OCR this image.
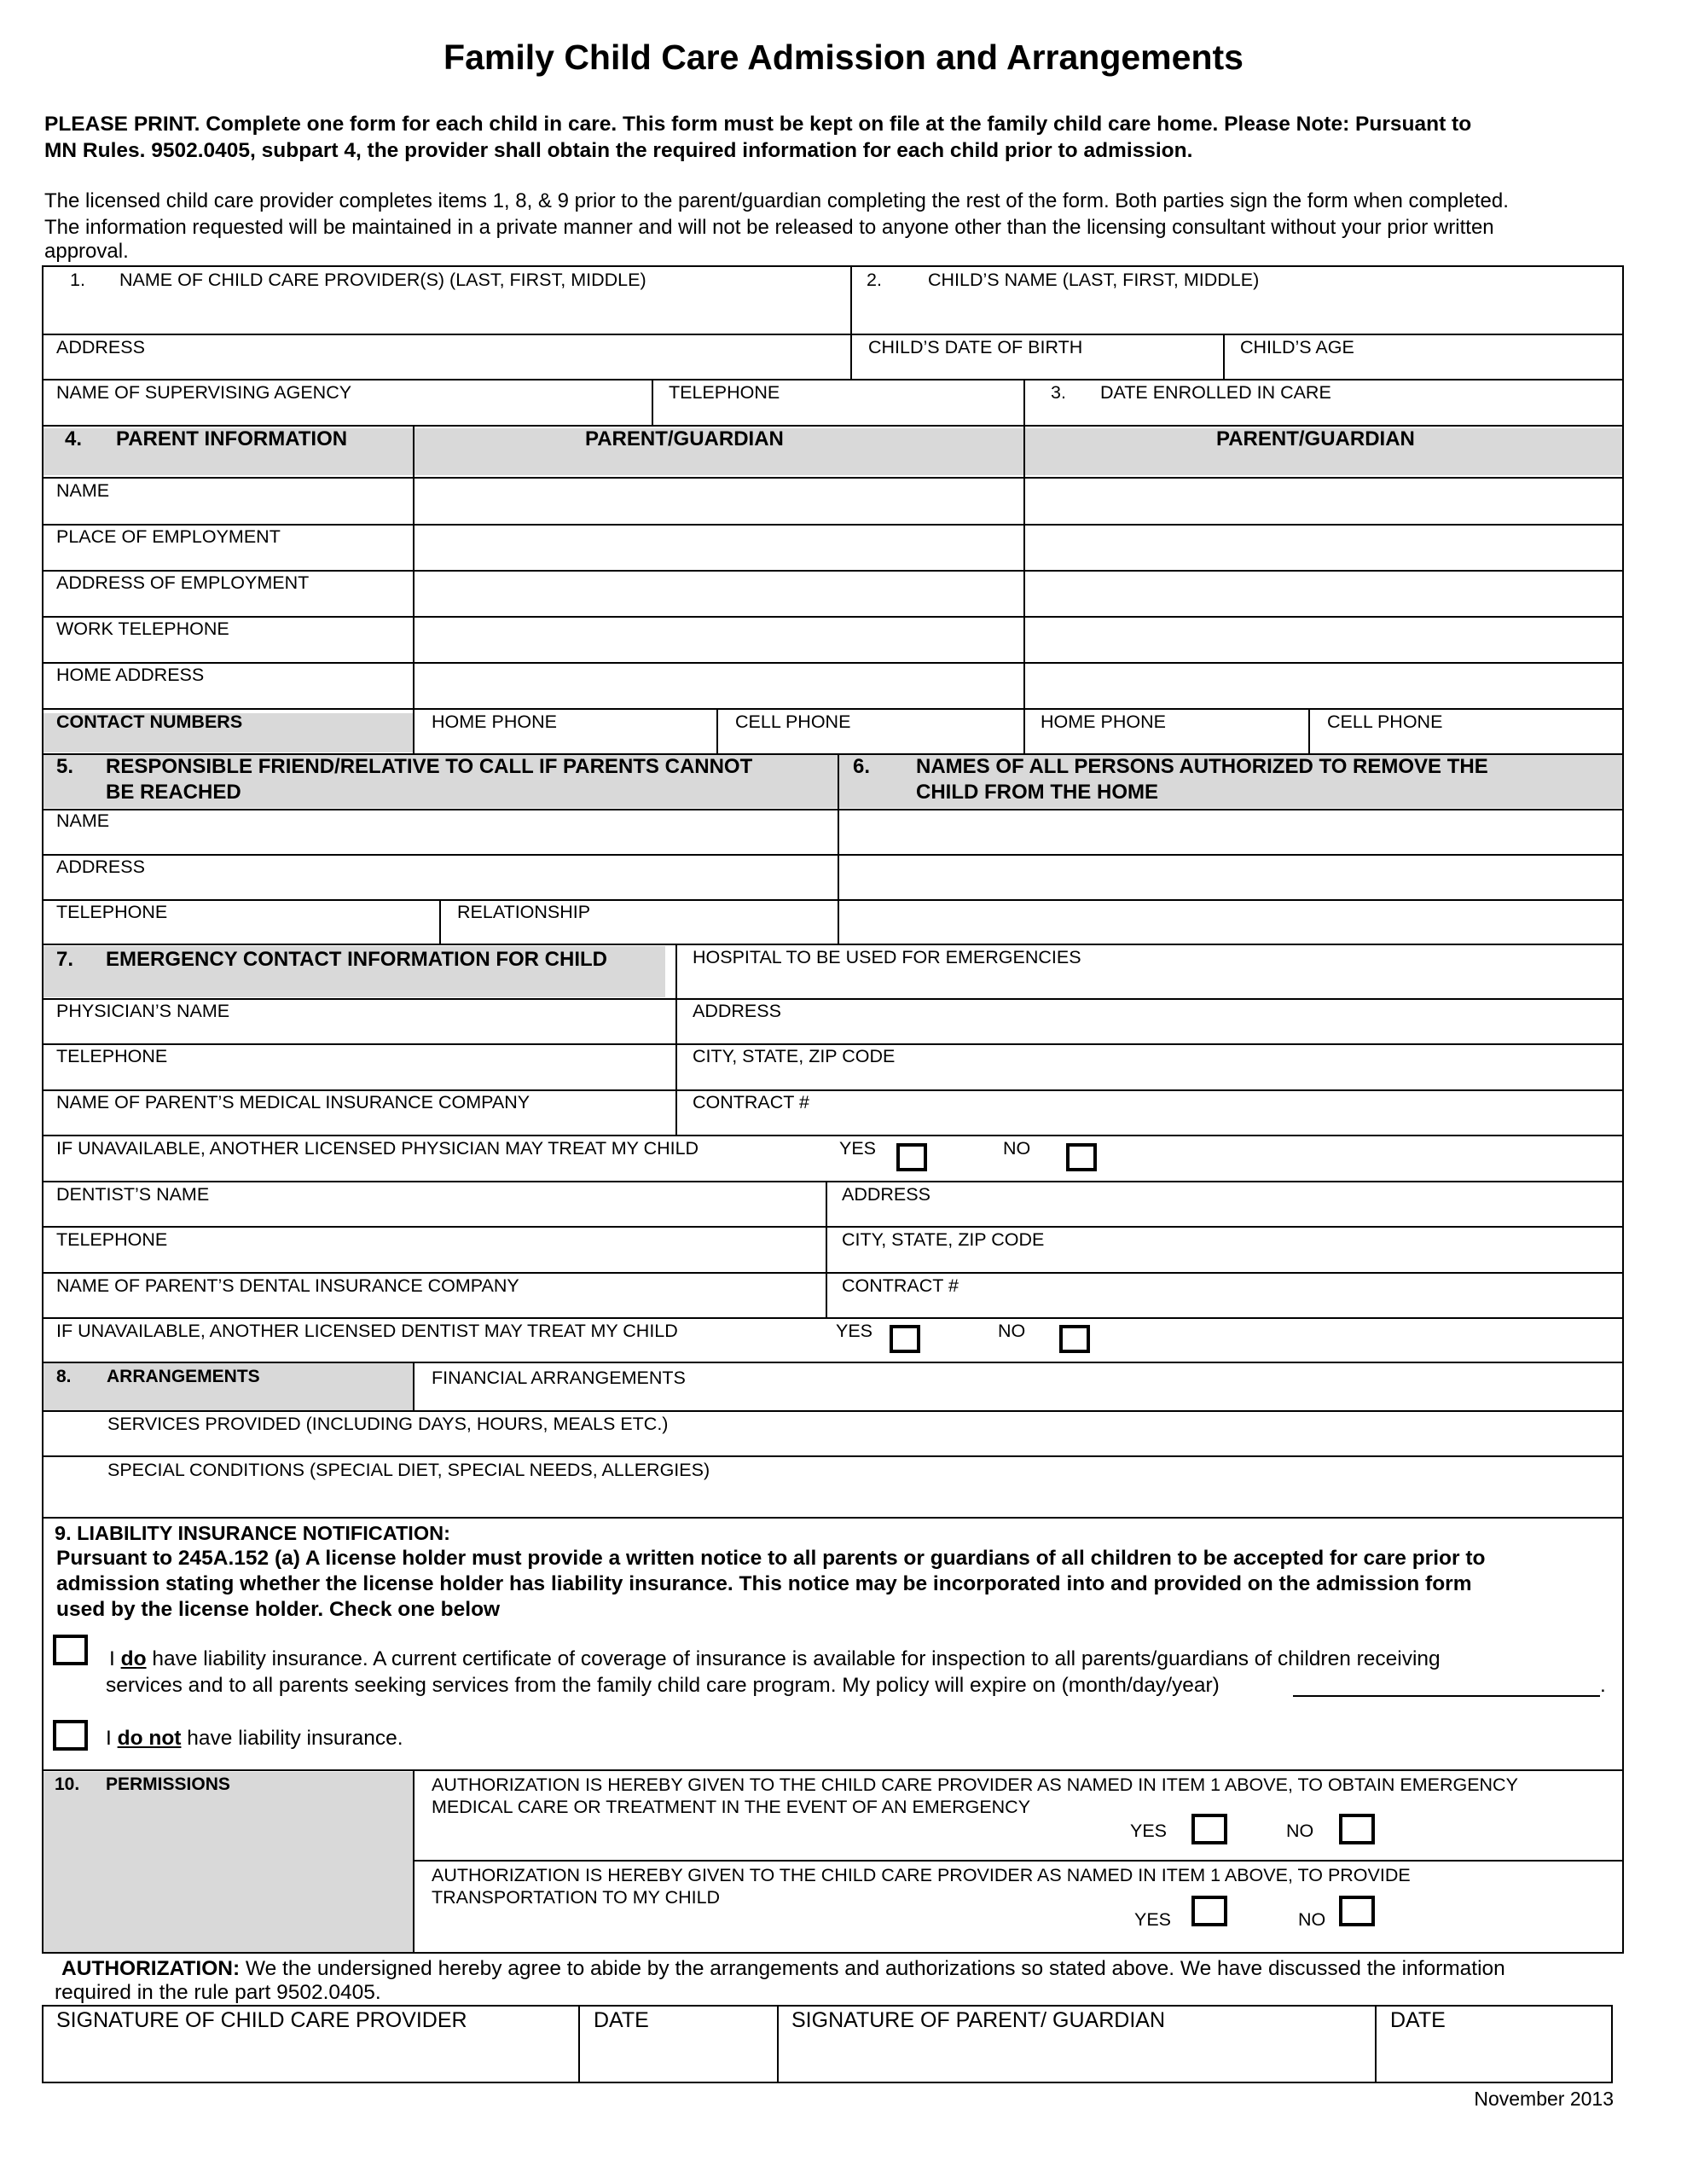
Family Child Care Admission and Arrangements
PLEASE PRINT. Complete one form for each child in care. This form must be kept on file at the family child care home. Please Note: Pursuant to
MN Rules. 9502.0405, subpart 4, the provider shall obtain the required information for each child prior to admission.
The licensed child care provider completes items 1, 8, & 9 prior to the parent/guardian completing the rest of the form. Both parties sign the form when completed.
The information requested will be maintained in a private manner and will not be released to anyone other than the licensing consultant without your prior written
approval.
1. NAME OF CHILD CARE PROVIDER(S) (LAST, FIRST, MIDDLE)	2.	CHILD’S NAME (LAST, FIRST, MIDDLE)
ADDRESS	CHILD’S DATE OF BIRTH	CHILD’S AGE
NAME OF SUPERVISING AGENCY	TELEPHONE	3. DATE ENROLLED IN CARE
4. PARENT INFORMATION	PARENT/GUARDIAN	PARENT/GUARDIAN
NAME
PLACE OF EMPLOYMENT
ADDRESS OF EMPLOYMENT
WORK TELEPHONE
HOME ADDRESS
CONTACT NUMBERS	HOME PHONE	CELL PHONE	HOME PHONE	CELL PHONE
5. RESPONSIBLE FRIEND/RELATIVE TO CALL IF PARENTS CANNOT
BE REACHED
6. NAMES OF ALL PERSONS AUTHORIZED TO REMOVE THE
CHILD FROM THE HOME
NAME
ADDRESS
TELEPHONE	RELATIONSHIP
7. EMERGENCY CONTACT INFORMATION FOR CHILD	HOSPITAL TO BE USED FOR EMERGENCIES
PHYSICIAN’S NAME	ADDRESS
TELEPHONE	CITY, STATE, ZIP CODE
NAME OF PARENT’S MEDICAL INSURANCE COMPANY	CONTRACT #
IF UNAVAILABLE, ANOTHER LICENSED PHYSICIAN MAY TREAT MY CHILD	YES	NO
DENTIST’S NAME	ADDRESS
TELEPHONE	CITY, STATE, ZIP CODE
NAME OF PARENT’S DENTAL INSURANCE COMPANY	CONTRACT #
IF UNAVAILABLE, ANOTHER LICENSED DENTIST MAY TREAT MY CHILD	YES	NO
8. ARRANGEMENTS	FINANCIAL ARRANGEMENTS
SERVICES PROVIDED (INCLUDING DAYS, HOURS, MEALS ETC.)
SPECIAL CONDITIONS (SPECIAL DIET, SPECIAL NEEDS, ALLERGIES)
9. LIABILITY INSURANCE NOTIFICATION:
Pursuant to 245A.152 (a) A license holder must provide a written notice to all parents or guardians of all children to be accepted for care prior to
admission stating whether the license holder has liability insurance. This notice may be incorporated into and provided on the admission form
used by the license holder. Check one below
I do have liability insurance. A current certificate of coverage of insurance is available for inspection to all parents/guardians of children receiving
services and to all parents seeking services from the family child care program. My policy will expire on (month/day/year)	.
I do not have liability insurance.
10. PERMISSIONS	AUTHORIZATION IS HEREBY GIVEN TO THE CHILD CARE PROVIDER AS NAMED IN ITEM 1 ABOVE, TO OBTAIN EMERGENCY
MEDICAL CARE OR TREATMENT IN THE EVENT OF AN EMERGENCY
YES	NO
AUTHORIZATION IS HEREBY GIVEN TO THE CHILD CARE PROVIDER AS NAMED IN ITEM 1 ABOVE, TO PROVIDE
TRANSPORTATION TO MY CHILD
YES	NO
AUTHORIZATION: We the undersigned hereby agree to abide by the arrangements and authorizations so stated above. We have discussed the information
required in the rule part 9502.0405.
SIGNATURE OF CHILD CARE PROVIDER	DATE	SIGNATURE OF PARENT/ GUARDIAN	DATE
November 2013
